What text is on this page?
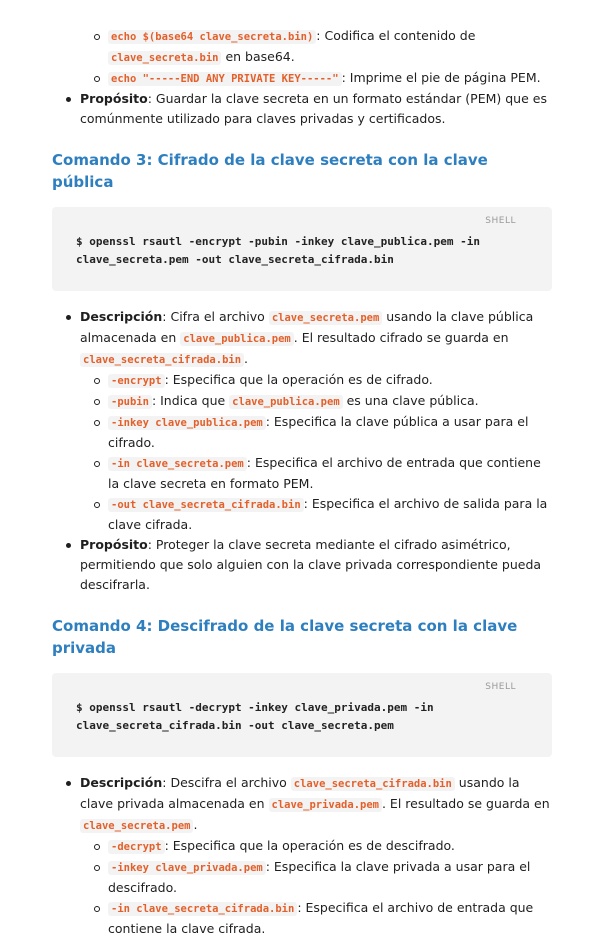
echo $(base64 clave_secreta.bin) : Codifica el contenido de clave_secreta.bin en base64.
echo "-----END ANY PRIVATE KEY-----" : Imprime el pie de página PEM.
Propósito: Guardar la clave secreta en un formato estándar (PEM) que es comúnmente utilizado para claves privadas y certificados.
Comando 3: Cifrado de la clave secreta con la clave pública
SHELL
$ openssl rsautl -encrypt -pubin -inkey clave_publica.pem -in
clave_secreta.pem -out clave_secreta_cifrada.bin
Descripción: Cifra el archivo clave_secreta.pem usando la clave pública almacenada en clave_publica.pem . El resultado cifrado se guarda en clave_secreta_cifrada.bin .
-encrypt : Especifica que la operación es de cifrado.
-pubin : Indica que clave_publica.pem es una clave pública.
-inkey clave_publica.pem : Especifica la clave pública a usar para el cifrado.
-in clave_secreta.pem : Especifica el archivo de entrada que contiene la clave secreta en formato PEM.
-out clave_secreta_cifrada.bin : Especifica el archivo de salida para la clave cifrada.
Propósito: Proteger la clave secreta mediante el cifrado asimétrico, permitiendo que solo alguien con la clave privada correspondiente pueda descifrarla.
Comando 4: Descifrado de la clave secreta con la clave privada
SHELL
$ openssl rsautl -decrypt -inkey clave_privada.pem -in
clave_secreta_cifrada.bin -out clave_secreta.pem
Descripción: Descifra el archivo clave_secreta_cifrada.bin usando la clave privada almacenada en clave_privada.pem . El resultado se guarda en clave_secreta.pem .
-decrypt : Especifica que la operación es de descifrado.
-inkey clave_privada.pem : Especifica la clave privada a usar para el descifrado.
-in clave_secreta_cifrada.bin : Especifica el archivo de entrada que contiene la clave cifrada.
